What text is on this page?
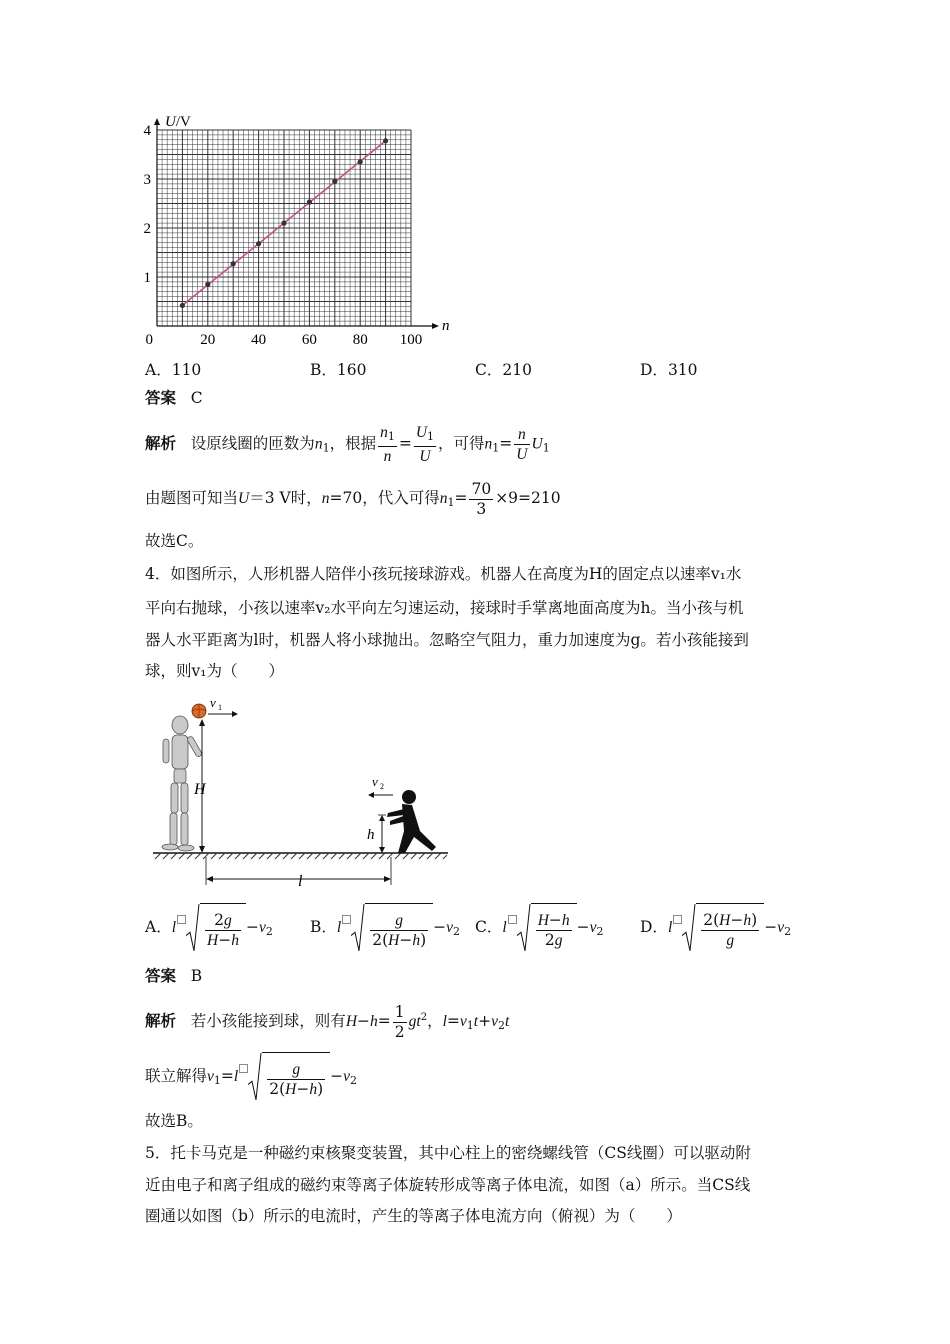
0	20 40 60 80 100
1
2
3
4
U/V
n
A．110	B．160	C．210	D．310
答案 C
解析 设原线圈的匝数为$n_1$，根据 $\frac{n_1}{n} = \frac{U_1}{U}$ ，可得$n_1= \frac{n}{U} U_1$
由题图可知当U＝3 V时，n=70，代入可得$n_1= \frac{70}{3} \times 9=210$
故选C。
4．如图所示，人形机器人陪伴小孩玩接球游戏。机器人在高度为H的固定点以速率v₁水
平向右抛球，小孩以速率v₂水平向左匀速运动，接球时手掌离地面高度为h。当小孩与机
器人水平距离为l时，机器人将小球抛出。忽略空气阻力，重力加速度为g。若小孩能接到
球，则v₁为（　　）
v 1
H	v 2
h
l
A．l $\frac{2g}{H-h} -v_2$ B．l $\frac{g}{2(H-h)} -v_2$ C．l $\frac{H-h}{2g} -v_2$ D．l $\frac{2(H-h)}{g} -v_2$
答案 B
解析 若小孩能接到球，则有$H-h= \frac{1}{2} gt^2$，$l=v_1t+v_2t$
联立解得$v_1=l \frac{g}{2(H-h)} -v_2$
故选B。
5．托卡马克是一种磁约束核聚变装置，其中心柱上的密绕螺线管（CS线圈）可以驱动附
近由电子和离子组成的磁约束等离子体旋转形成等离子体电流，如图（a）所示。当CS线
圈通以如图（b）所示的电流时，产生的等离子体电流方向（俯视）为（　　）
